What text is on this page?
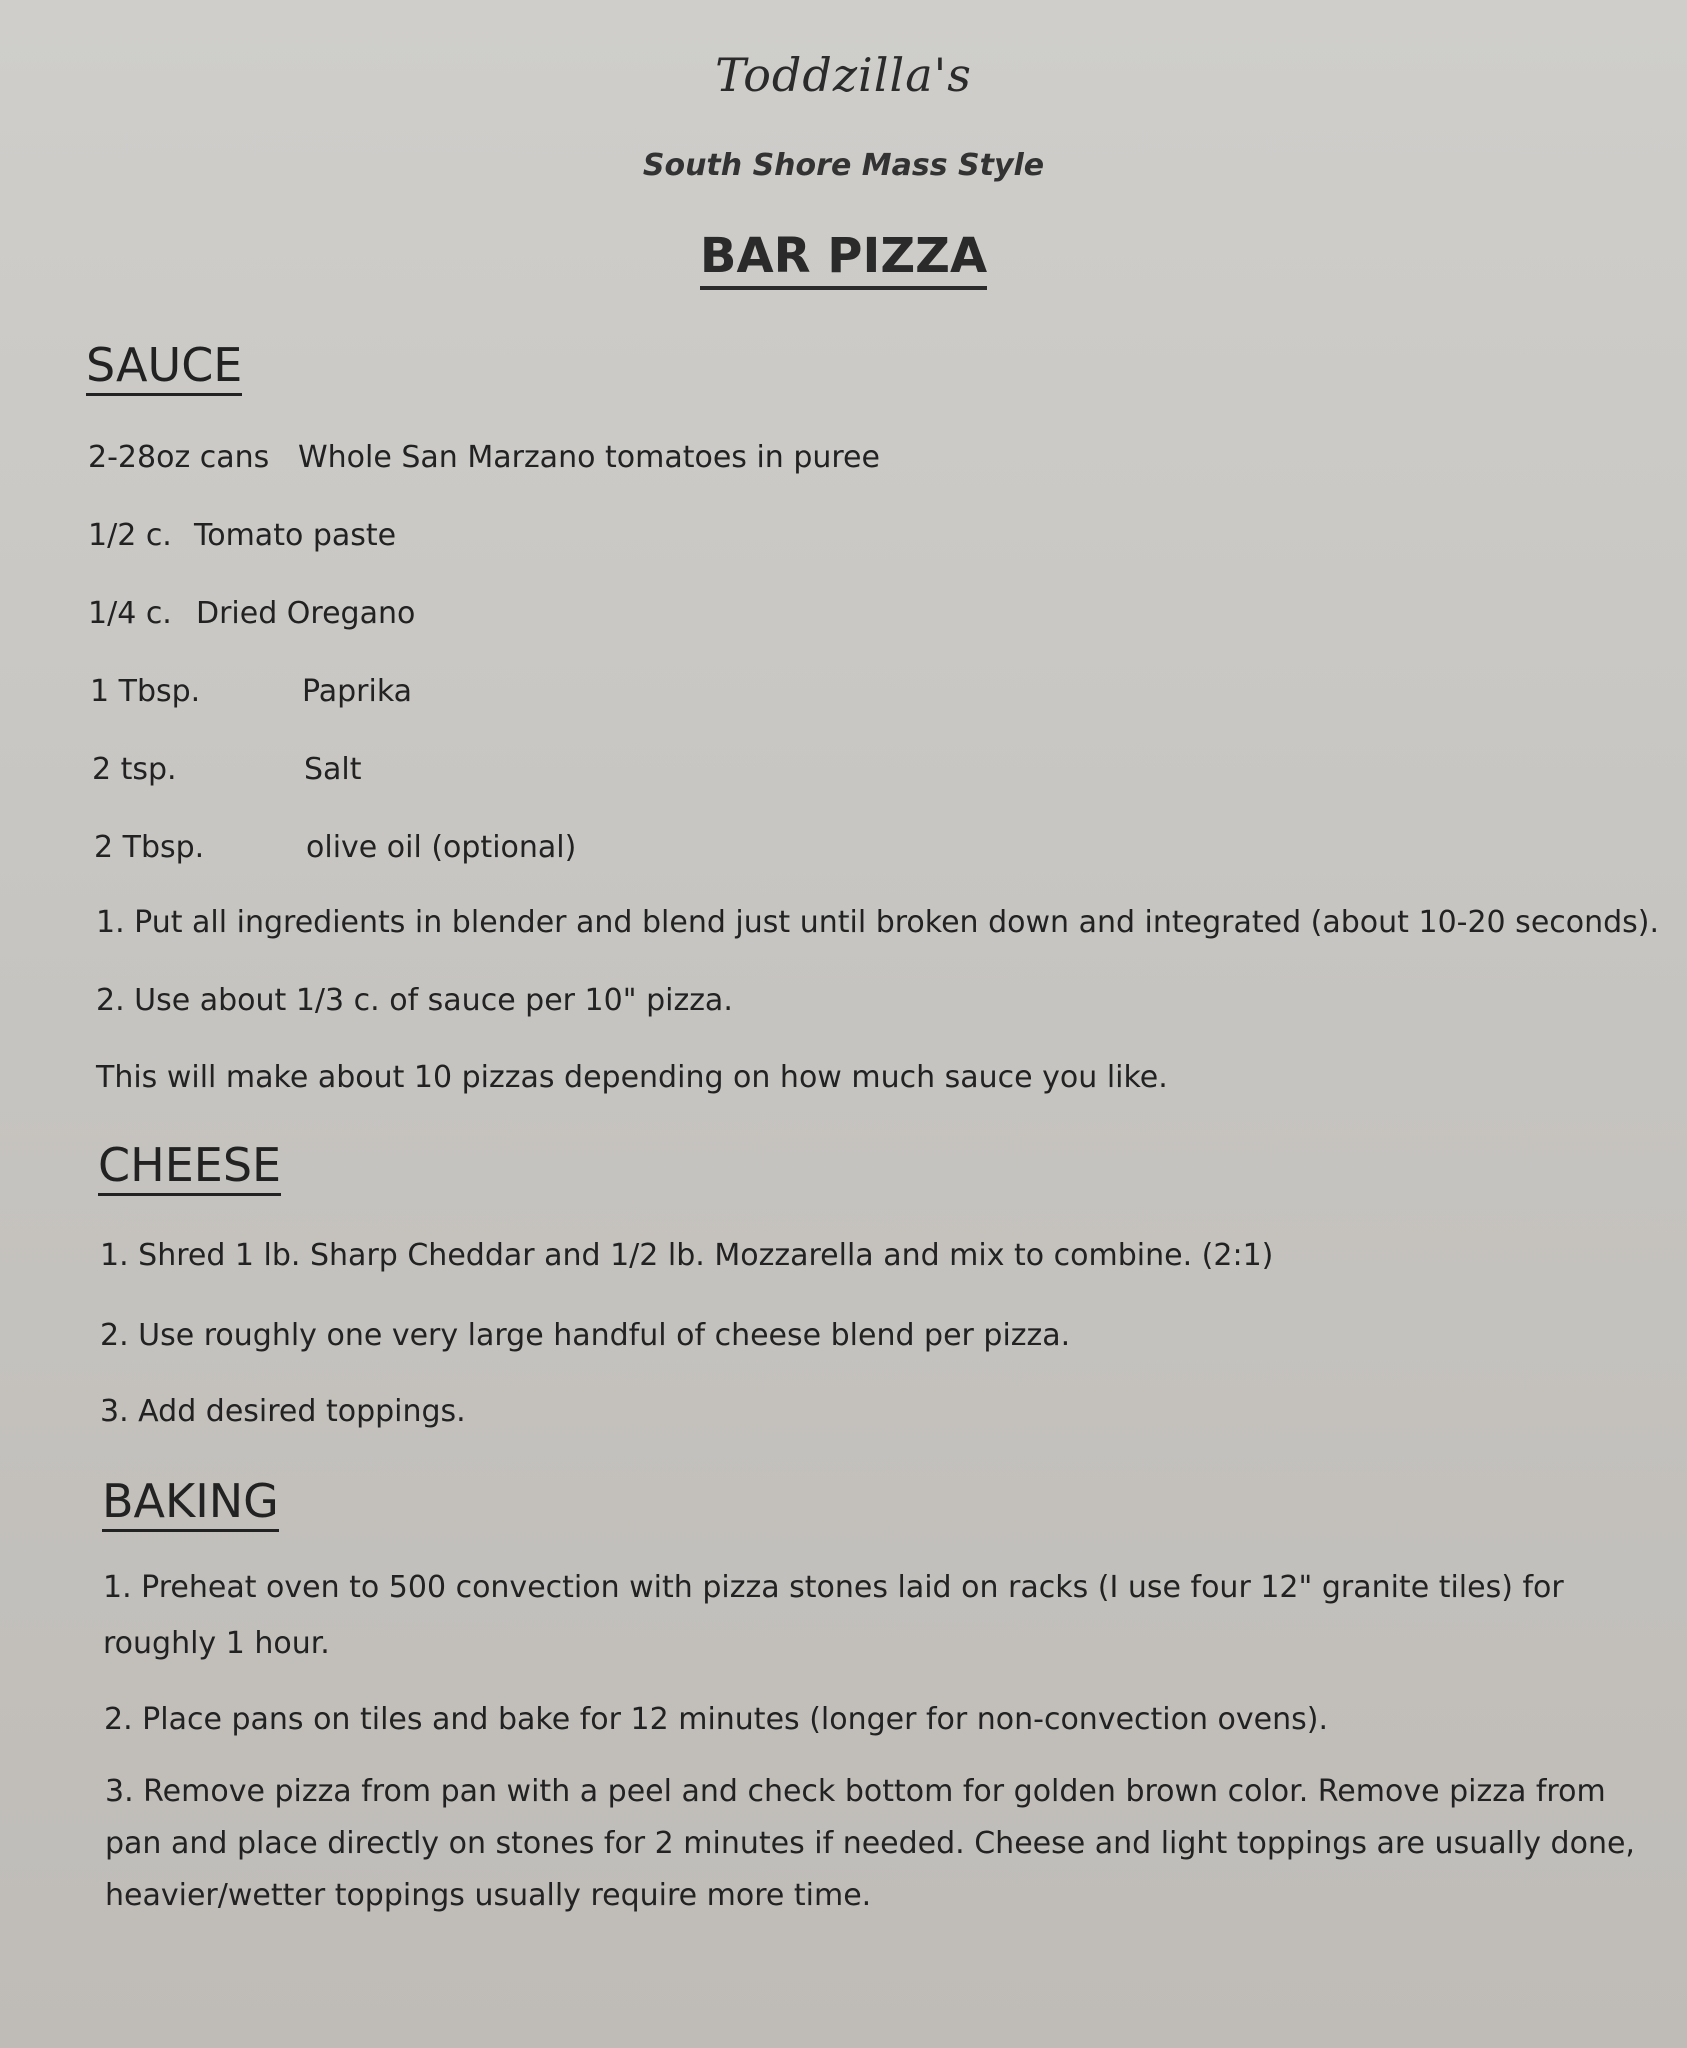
Toddzilla's
South Shore Mass Style
BAR PIZZA
SAUCE
2-28oz cans Whole San Marzano tomatoes in puree
1/2 c. Tomato paste
1/4 c. Dried Oregano
1 Tbsp.	Paprika
2 tsp.	Salt
2 Tbsp.	olive oil (optional)
1. Put all ingredients in blender and blend just until broken down and integrated (about 10-20 seconds).
2. Use about 1/3 c. of sauce per 10" pizza.
This will make about 10 pizzas depending on how much sauce you like.
CHEESE
1. Shred 1 lb. Sharp Cheddar and 1/2 lb. Mozzarella and mix to combine. (2:1)
2. Use roughly one very large handful of cheese blend per pizza.
3. Add desired toppings.
BAKING
1. Preheat oven to 500 convection with pizza stones laid on racks (I use four 12" granite tiles) for roughly 1 hour.
2. Place pans on tiles and bake for 12 minutes (longer for non-convection ovens).
3. Remove pizza from pan with a peel and check bottom for golden brown color. Remove pizza from pan and place directly on stones for 2 minutes if needed. Cheese and light toppings are usually done, heavier/wetter toppings usually require more time.
